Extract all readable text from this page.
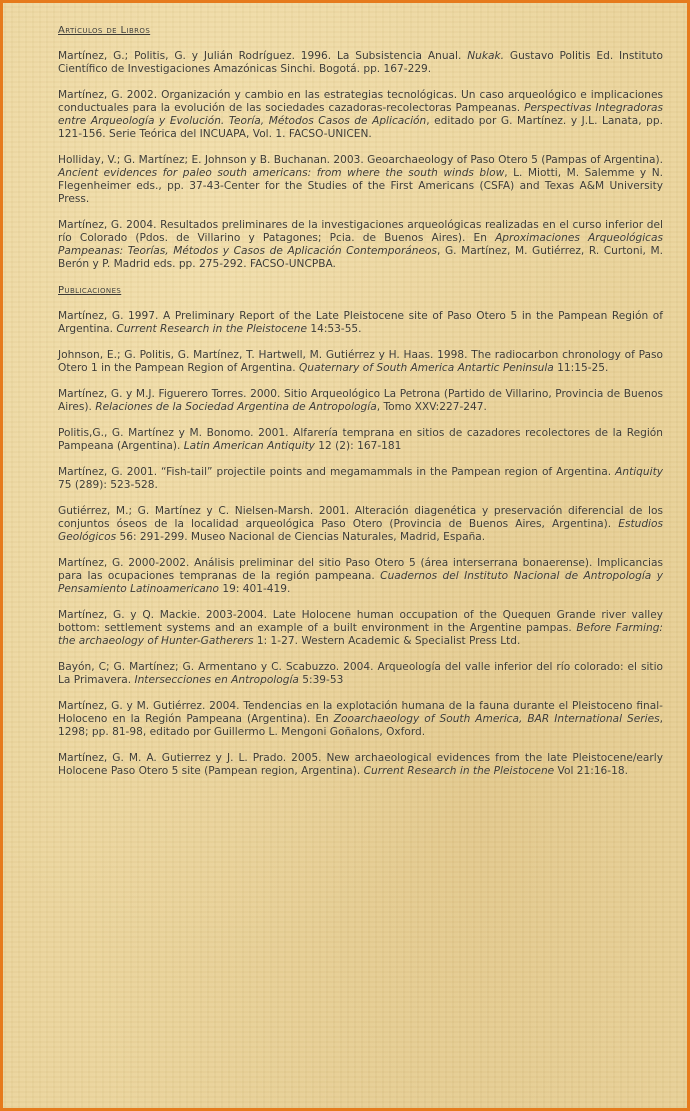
Artículos de Libros

Martínez, G.; Politis, G. y Julián Rodríguez. 1996. La Subsistencia Anual. Nukak. Gustavo Politis Ed. Instituto Científico de Investigaciones Amazónicas Sinchi. Bogotá. pp. 167-229.

Martínez, G. 2002. Organización y cambio en las estrategias tecnológicas. Un caso arqueológico e implicaciones conductuales para la evolución de las sociedades cazadoras-recolectoras Pampeanas. Perspectivas Integradoras entre Arqueología y Evolución. Teoría, Métodos Casos de Aplicación, editado por G. Martínez. y J.L. Lanata, pp. 121-156. Serie Teórica del INCUAPA, Vol. 1. FACSO-UNICEN.

Holliday, V.; G. Martínez; E. Johnson y B. Buchanan. 2003. Geoarchaeology of Paso Otero 5 (Pampas of Argentina). Ancient evidences for paleo south americans: from where the south winds blow, L. Miotti, M. Salemme y N. Flegenheimer eds., pp. 37-43-Center for the Studies of the First Americans (CSFA) and Texas A&M University Press.

Martínez, G. 2004. Resultados preliminares de la investigaciones arqueológicas realizadas en el curso inferior del río Colorado (Pdos. de Villarino y Patagones; Pcia. de Buenos Aires). En Aproximaciones Arqueológicas Pampeanas: Teorías, Métodos y Casos de Aplicación Contemporáneos, G. Martínez, M. Gutiérrez, R. Curtoni, M. Berón y P. Madrid eds. pp. 275-292. FACSO-UNCPBA.

Publicaciones

Martínez, G. 1997. A Preliminary Report of the Late Pleistocene site of Paso Otero 5 in the Pampean Región of Argentina. Current Research in the Pleistocene 14:53-55.

Johnson, E.; G. Politis, G. Martínez, T. Hartwell, M. Gutiérrez y H. Haas. 1998. The radiocarbon chronology of Paso Otero 1 in the Pampean Region of Argentina. Quaternary of South America Antartic Peninsula 11:15-25.

Martínez, G. y M.J. Figuerero Torres. 2000. Sitio Arqueológico La Petrona (Partido de Villarino, Provincia de Buenos Aires). Relaciones de la Sociedad Argentina de Antropología, Tomo XXV:227-247.

Politis,G., G. Martínez y M. Bonomo. 2001. Alfarería temprana en sitios de cazadores recolectores de la Región Pampeana (Argentina). Latin American Antiquity 12 (2): 167-181

Martínez, G. 2001. “Fish-tail” projectile points and megamammals in the Pampean region of Argentina. Antiquity 75 (289): 523-528.

Gutiérrez, M.; G. Martínez y C. Nielsen-Marsh. 2001. Alteración diagenética y preservación diferencial de los conjuntos óseos de la localidad arqueológica Paso Otero (Provincia de Buenos Aires, Argentina). Estudios Geológicos 56: 291-299. Museo Nacional de Ciencias Naturales, Madrid, España.

Martínez, G. 2000-2002. Análisis preliminar del sitio Paso Otero 5 (área interserrana bonaerense). Implicancias para las ocupaciones tempranas de la región pampeana. Cuadernos del Instituto Nacional de Antropología y Pensamiento Latinoamericano 19: 401-419.

Martínez, G. y Q. Mackie. 2003-2004. Late Holocene human occupation of the Quequen Grande river valley bottom: settlement systems and an example of a built environment in the Argentine pampas. Before Farming: the archaeology of Hunter-Gatherers 1: 1-27. Western Academic & Specialist Press Ltd.

Bayón, C; G. Martínez; G. Armentano y C. Scabuzzo. 2004. Arqueología del valle inferior del río colorado: el sitio La Primavera. Intersecciones en Antropología 5:39-53

Martínez, G. y M. Gutiérrez. 2004. Tendencias en la explotación humana de la fauna durante el Pleistoceno final-Holoceno en la Región Pampeana (Argentina). En Zooarchaeology of South America, BAR International Series, 1298; pp. 81-98, editado por Guillermo L. Mengoni Goñalons, Oxford.

Martínez, G. M. A. Gutierrez y J. L. Prado. 2005. New archaeological evidences from the late Pleistocene/early Holocene Paso Otero 5 site (Pampean region, Argentina). Current Research in the Pleistocene Vol 21:16-18.
